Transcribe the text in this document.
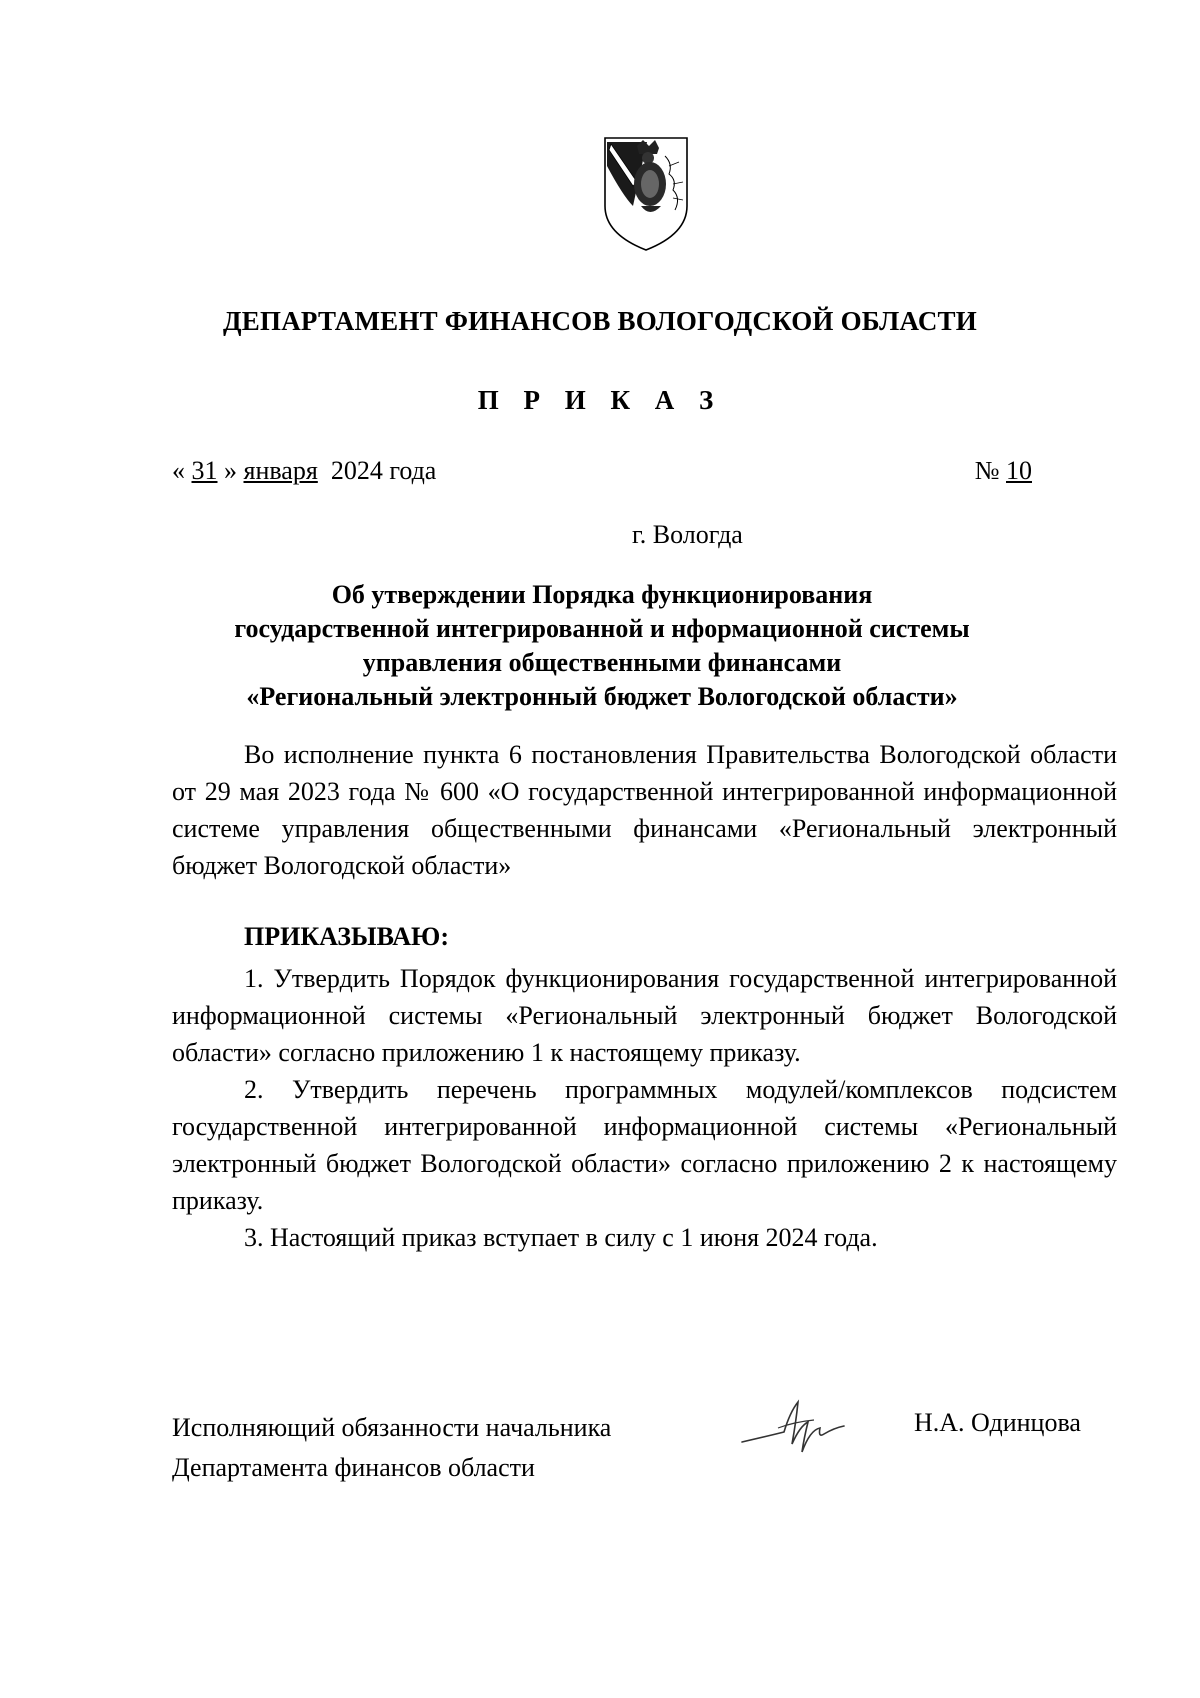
ДЕПАРТАМЕНТ ФИНАНСОВ ВОЛОГОДСКОЙ ОБЛАСТИ
П Р И К А З
« 31 » января 2024 года	№ 10
г. Вологда
Об утверждении Порядка функционирования
государственной интегрированной и нформационной системы
управления общественными финансами
«Региональный электронный бюджет Вологодской области»
Во исполнение пункта 6 постановления Правительства Вологодской области от 29 мая 2023 года № 600 «О государственной интегрированной информационной системе управления общественными финансами «Региональный электронный бюджет Вологодской области»
ПРИКАЗЫВАЮ:

1. Утвердить Порядок функционирования государственной интегрированной информационной системы «Региональный электронный бюджет Вологодской области» согласно приложению 1 к настоящему приказу.

2. Утвердить перечень программных модулей/комплексов подсистем государственной интегрированной информационной системы «Региональный электронный бюджет Вологодской области» согласно приложению 2 к настоящему приказу.

3. Настоящий приказ вступает в силу с 1 июня 2024 года.

Исполняющий обязанности начальника
Департамента финансов области
Н.А. Одинцова
